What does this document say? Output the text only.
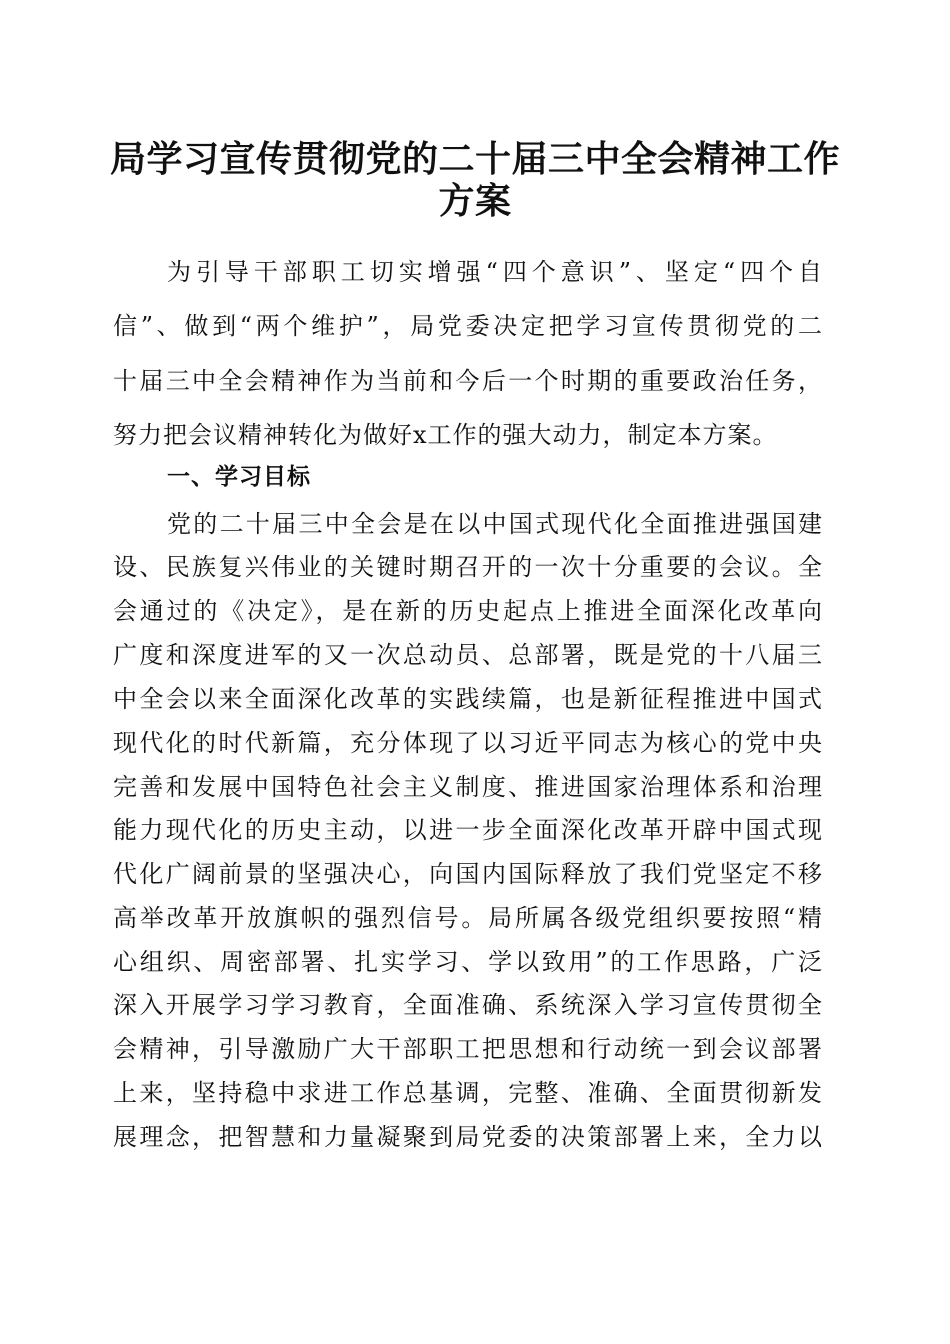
局学习宣传贯彻党的二十届三中全会精神工作
方案
为引导干部职工切实增强“四个意识”、坚定“四个自
信”、做到“两个维护”，局党委决定把学习宣传贯彻党的二
十届三中全会精神作为当前和今后一个时期的重要政治任务，
努力把会议精神转化为做好x工作的强大动力，制定本方案。
一、学习目标
党的二十届三中全会是在以中国式现代化全面推进强国建
设、民族复兴伟业的关键时期召开的一次十分重要的会议。全
会通过的《决定》，是在新的历史起点上推进全面深化改革向
广度和深度进军的又一次总动员、总部署，既是党的十八届三
中全会以来全面深化改革的实践续篇，也是新征程推进中国式
现代化的时代新篇，充分体现了以习近平同志为核心的党中央
完善和发展中国特色社会主义制度、推进国家治理体系和治理
能力现代化的历史主动，以进一步全面深化改革开辟中国式现
代化广阔前景的坚强决心，向国内国际释放了我们党坚定不移
高举改革开放旗帜的强烈信号。局所属各级党组织要按照“精
心组织、周密部署、扎实学习、学以致用”的工作思路，广泛
深入开展学习学习教育，全面准确、系统深入学习宣传贯彻全
会精神，引导激励广大干部职工把思想和行动统一到会议部署
上来，坚持稳中求进工作总基调，完整、准确、全面贯彻新发
展理念，把智慧和力量凝聚到局党委的决策部署上来，全力以
